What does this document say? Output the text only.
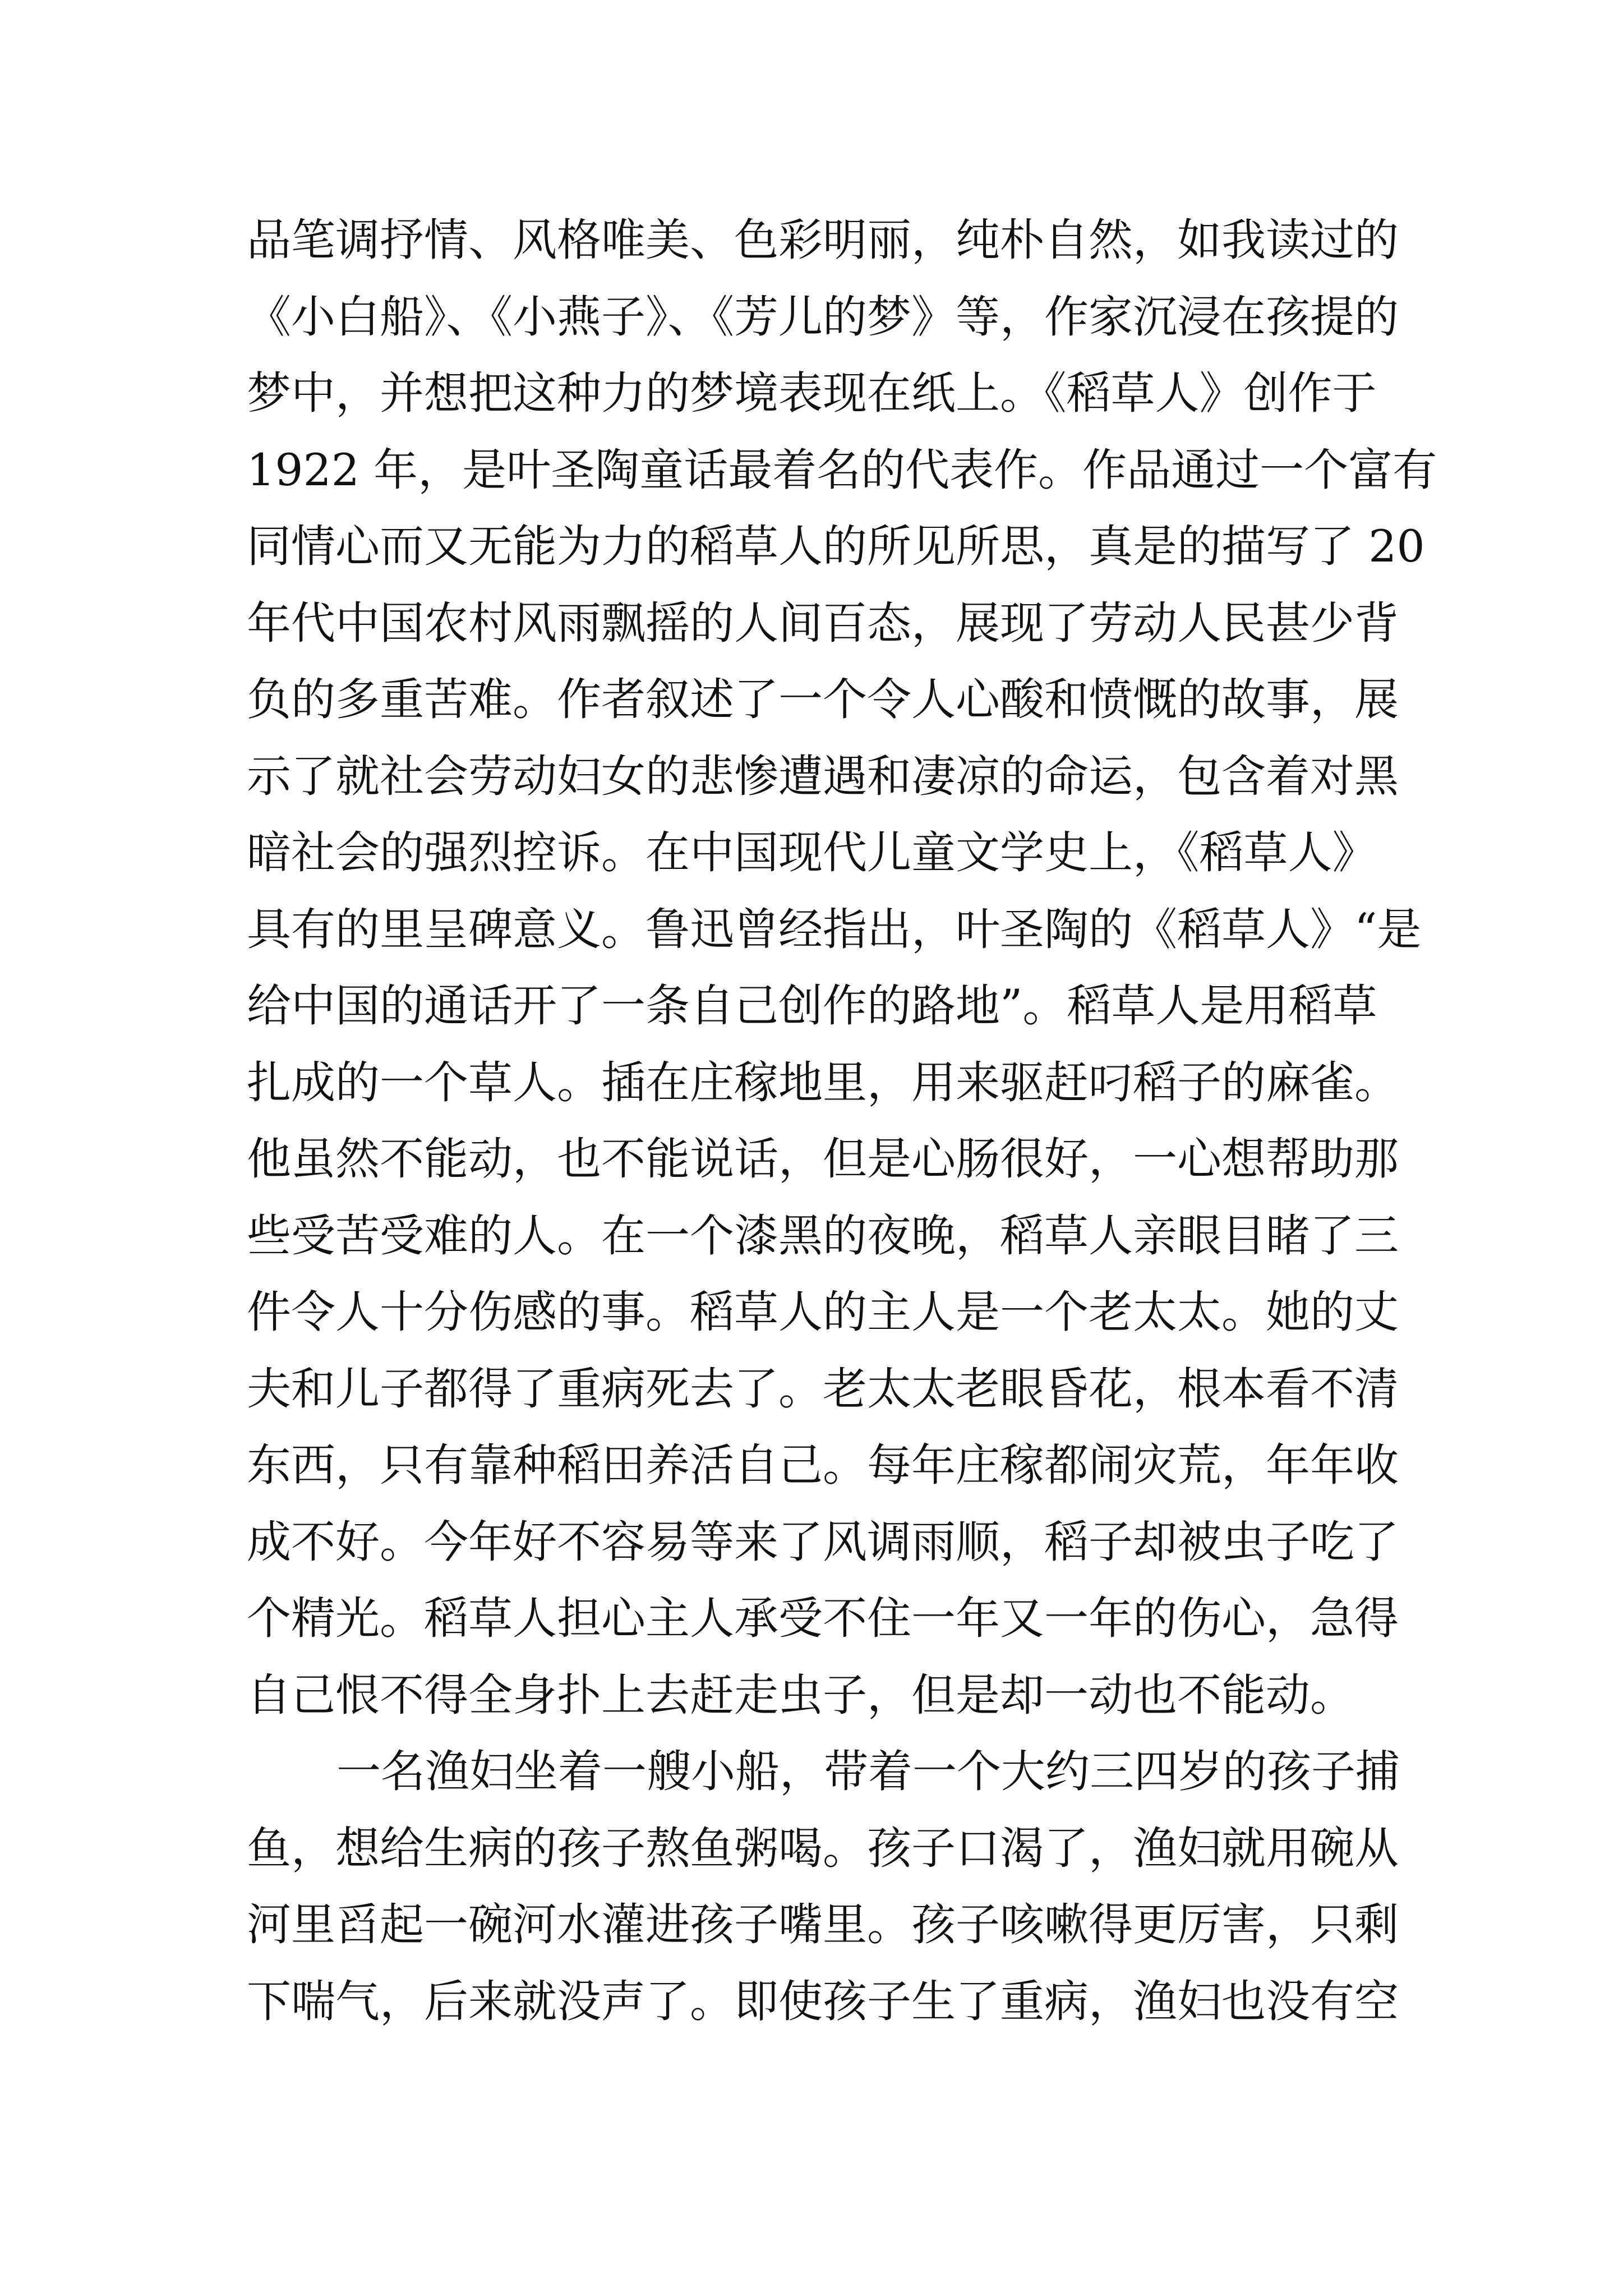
品笔调抒情、风格唯美、色彩明丽，纯朴自然，如我读过的
《小白船》、《小燕子》、《芳儿的梦》等，作家沉浸在孩提的
梦中，并想把这种力的梦境表现在纸上。《稻草人》创作于
1922 年，是叶圣陶童话最着名的代表作。作品通过一个富有
同情心而又无能为力的稻草人的所见所思，真是的描写了 20
年代中国农村风雨飘摇的人间百态，展现了劳动人民甚少背
负的多重苦难。作者叙述了一个令人心酸和愤慨的故事，展
示了就社会劳动妇女的悲惨遭遇和凄凉的命运，包含着对黑
暗社会的强烈控诉。在中国现代儿童文学史上，《稻草人》
具有的里呈碑意义。鲁迅曾经指出，叶圣陶的《稻草人》“是
给中国的通话开了一条自己创作的路地”。稻草人是用稻草
扎成的一个草人。插在庄稼地里，用来驱赶叼稻子的麻雀。
他虽然不能动，也不能说话，但是心肠很好，一心想帮助那
些受苦受难的人。在一个漆黑的夜晚，稻草人亲眼目睹了三
件令人十分伤感的事。稻草人的主人是一个老太太。她的丈
夫和儿子都得了重病死去了。老太太老眼昏花，根本看不清
东西，只有靠种稻田养活自己。每年庄稼都闹灾荒，年年收
成不好。今年好不容易等来了风调雨顺，稻子却被虫子吃了
个精光。稻草人担心主人承受不住一年又一年的伤心，急得
自己恨不得全身扑上去赶走虫子，但是却一动也不能动。
一名渔妇坐着一艘小船，带着一个大约三四岁的孩子捕
鱼，想给生病的孩子熬鱼粥喝。孩子口渴了，渔妇就用碗从
河里舀起一碗河水灌进孩子嘴里。孩子咳嗽得更厉害，只剩
下喘气，后来就没声了。即使孩子生了重病，渔妇也没有空
